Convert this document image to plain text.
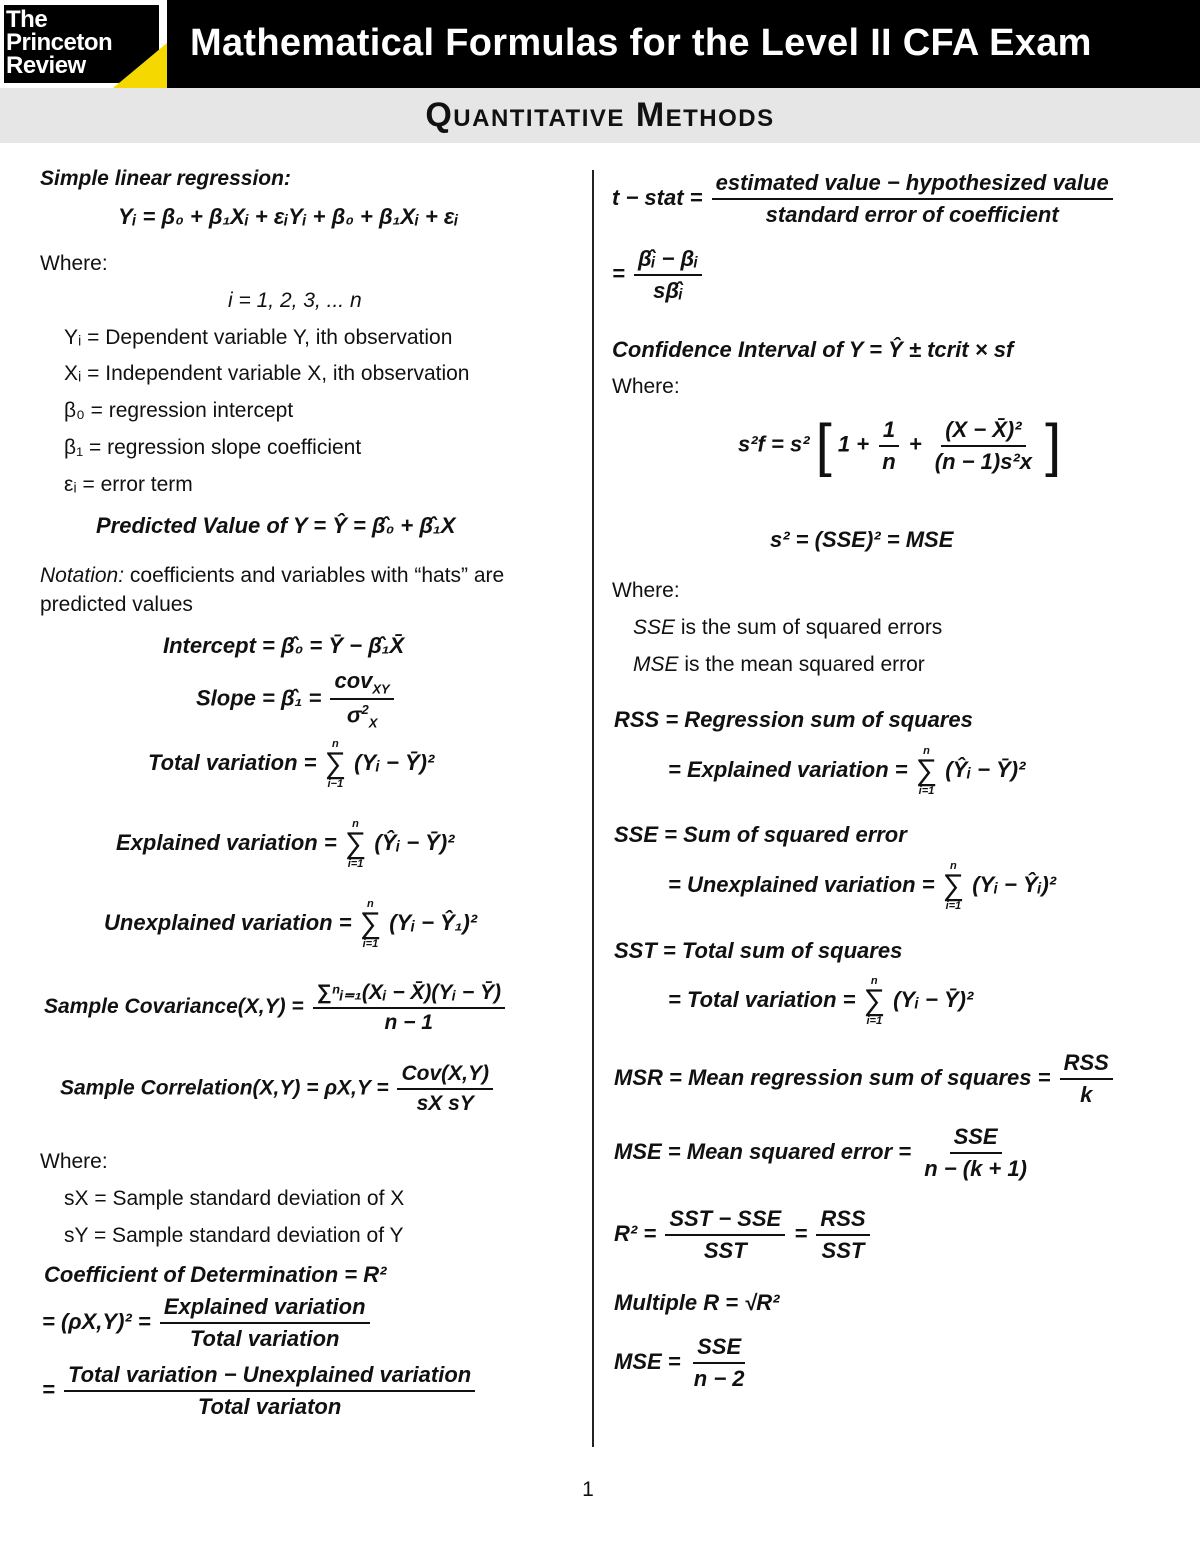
The
Princeton
Review
Mathematical Formulas for the Level II CFA Exam
Quantitative Methods
Simple linear regression:
Yᵢ = β₀ + β₁Xᵢ + εᵢYᵢ + β₀ + β₁Xᵢ + εᵢ
Where:
i = 1, 2, 3, ... n
Yᵢ = Dependent variable Y, ith observation
Xᵢ = Independent variable X, ith observation
β₀ = regression intercept
β₁ = regression slope coefficient
εᵢ = error term
Predicted Value of Y = Ŷ = β̂₀ + β̂₁X
Notation: coefficients and variables with “hats” are
predicted values
Intercept = β̂₀ = Ȳ − β̂₁X̄
Slope = β̂₁ = $\frac{cov_{XY}}{\sigma^2_X}$
Total variation =
n
∑
i−1
(Yᵢ − Ȳ)²
Explained variation =
n
∑
i=1
(Ŷᵢ − Ȳ)²
Unexplained variation =
n
∑
i=1
(Yᵢ − Ŷ₁)²
Sample Covariance(X,Y) = $\frac{\text{∑ⁿᵢ₌₁(Xᵢ − X̄)(Yᵢ − Ȳ)}}{n - 1}$
Sample Correlation(X,Y) = $\rho X,Y = \frac{\text{Cov(X,Y)}}{\text{sX sY}}$
Where:
sX = Sample standard deviation of X
sY = Sample standard deviation of Y
Coefficient of Determination = R²
= $(\rho X,Y)^2 = \frac{\text{Explained variation}}{\text{Total variation}}$
= $\frac{\text{Total variation − Unexplained variation}}{\text{Total variaton}}$
t − stat = $\frac{\text{estimated value − hypothesized value}}{\text{standard error of coefficient}}$
= $\frac{\text{β̂ᵢ − βᵢ}}{\text{sβ̂ᵢ}}$
Confidence Interval of Y = Ŷ ± tcrit × sf
Where:
s²f = s² [ $1 + \frac{1}{n} + \frac{\text{(X − X̄)²}}{\text{(n − 1)s²x}}$ ]
s² = (SSE)² = MSE
Where:
SSE is the sum of squared errors
MSE is the mean squared error
RSS = Regression sum of squares
= Explained variation =
n
∑
i=1
(Ŷᵢ − Ȳ)²
SSE = Sum of squared error
= Unexplained variation =
n
∑
i=1
(Yᵢ − Ŷᵢ)²
SST = Total sum of squares
= Total variation =
n
∑
i=1
(Yᵢ − Ȳ)²
MSR = Mean regression sum of squares = $\frac{\text{RSS}}{k}$
MSE = Mean squared error = $\frac{\text{SSE}}{n - (k + 1)}$
$R^2 = \frac{\text{SST − SSE}}{\text{SST}} = \frac{\text{RSS}}{\text{SST}}$
Multiple R = √R²
MSE = $\frac{\text{SSE}}{n - 2}$
1
